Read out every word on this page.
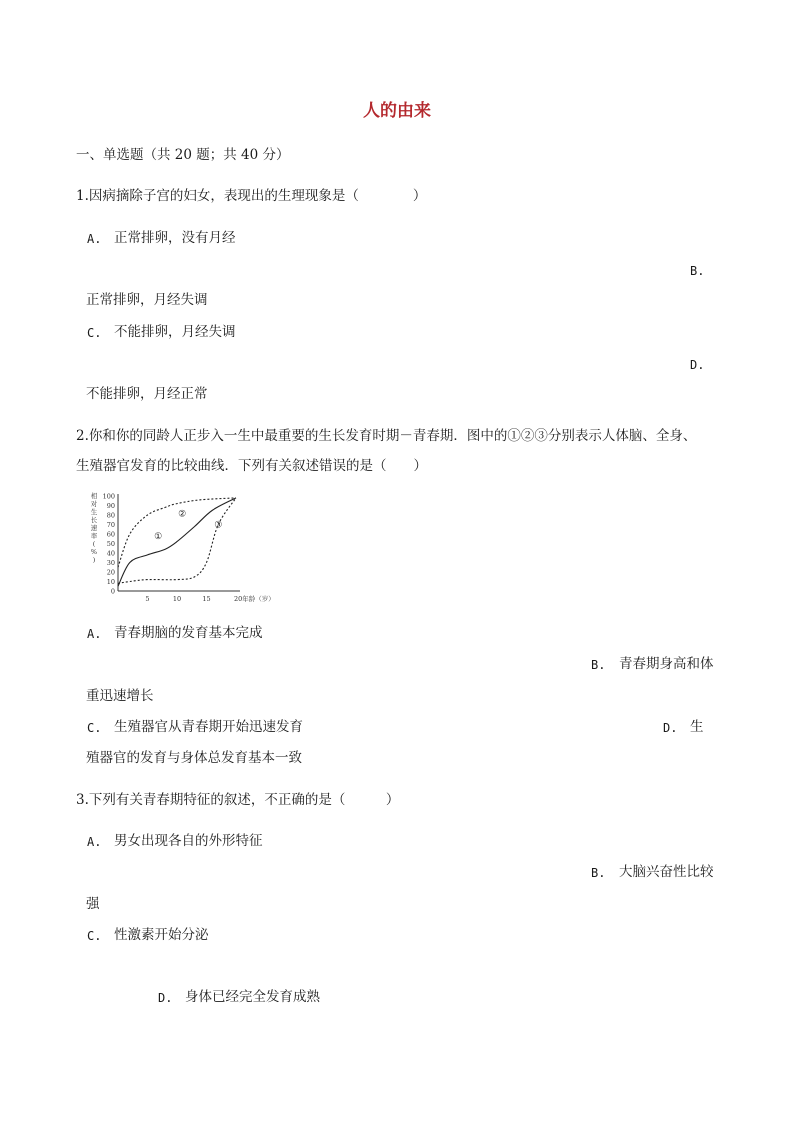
人的由来
一、单选题（共 20 题；共 40 分）
1.因病摘除子宫的妇女，表现出的生理现象是（　　　　）
A. 正常排卵，没有月经
B.
正常排卵，月经失调
C. 不能排卵，月经失调
D.
不能排卵，月经正常
2.你和你的同龄人正步入一生中最重要的生长发育时期－青春期．图中的①②③分别表示人体脑、全身、
生殖器官发育的比较曲线．下列有关叙述错误的是（　　）
100
90
80
70
60
50
40
30
20
10
0
相
对
生
长
速
率
(
%
)
5	10	15	20年龄（岁）
①
②
③
A. 青春期脑的发育基本完成
B. 青春期身高和体
重迅速增长
C. 生殖器官从青春期开始迅速发育	D. 生
殖器官的发育与身体总发育基本一致
3.下列有关青春期特征的叙述，不正确的是（　　　）
A. 男女出现各自的外形特征
B. 大脑兴奋性比较
强
C. 性激素开始分泌
D. 身体已经完全发育成熟
